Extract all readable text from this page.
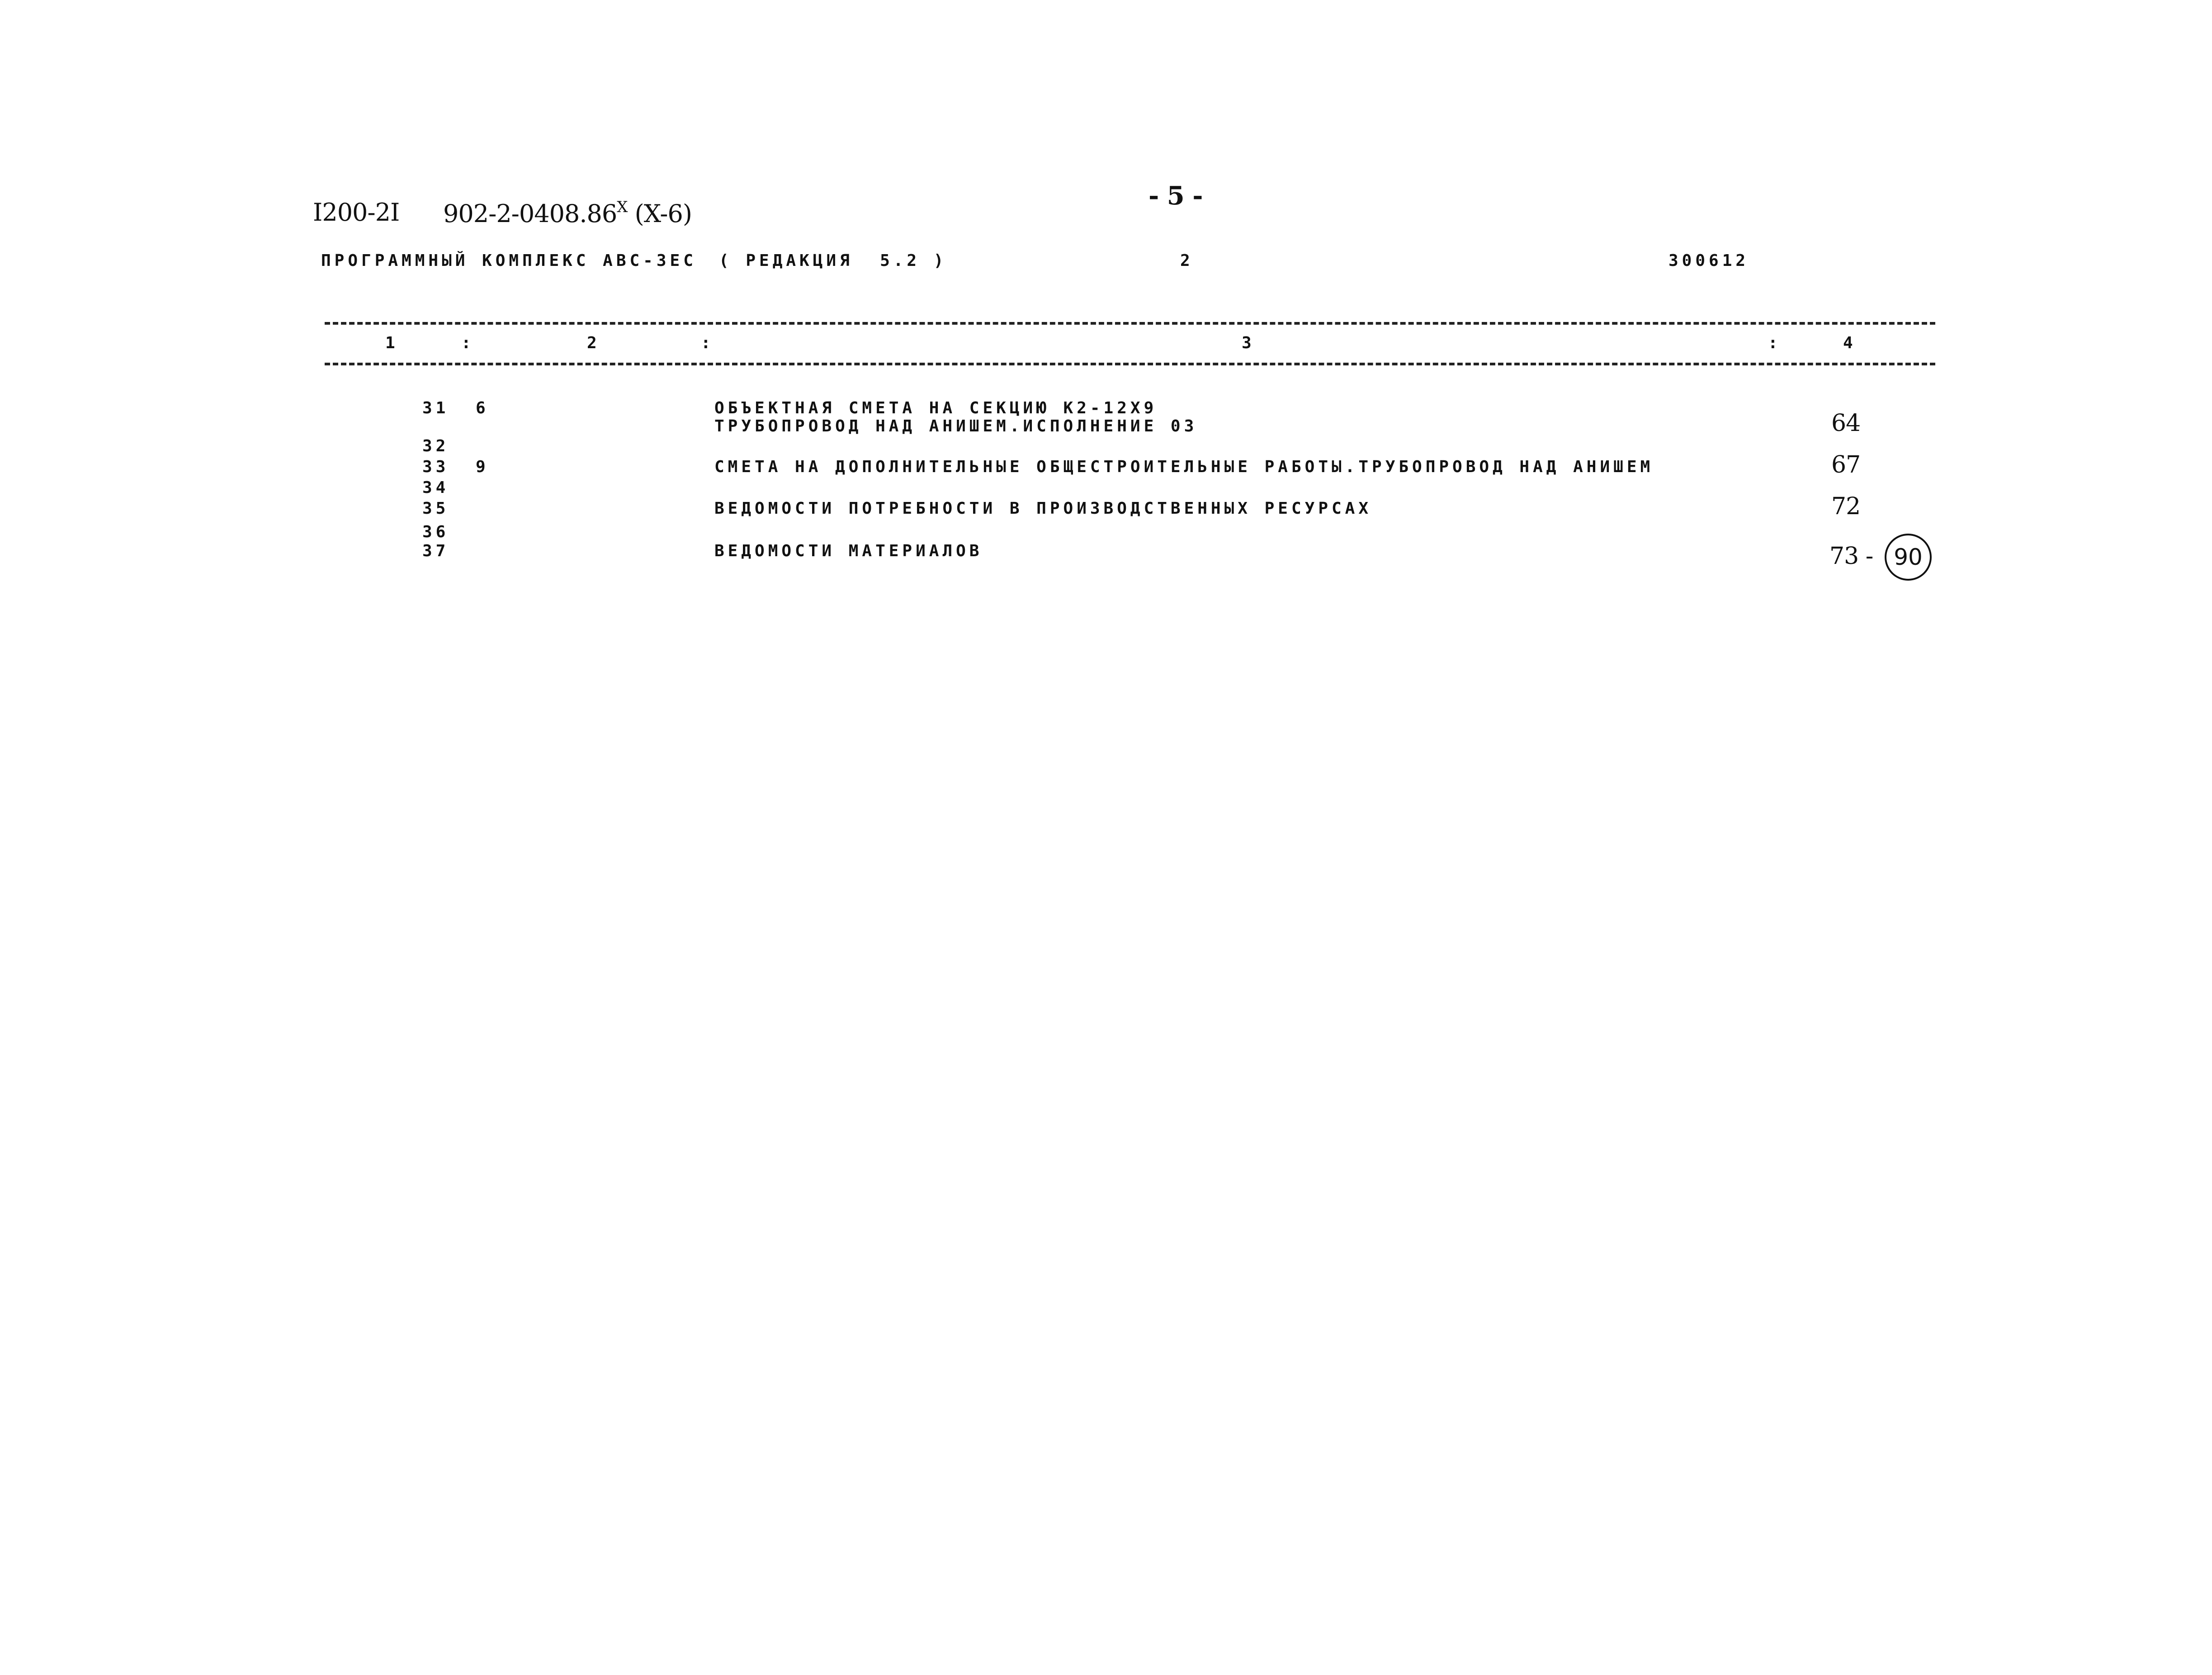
I200-2I $902-2-0408.86^X$ (X-6)
- 5 -
ПРОГРАММНЫЙ КОМПЛЕКС АВС-3ЕС ( РЕДАКЦИЯ  5.2 )	2	300612
1	:	2	:	3	:	4
31 6	ОБЪЕКТНАЯ СМЕТА НА СЕКЦИЮ К2-12Х9
ТРУБОПРОВОД НАД АНИШЕМ.ИСПОЛНЕНИЕ 03	64
32
33 9	СМЕТА НА ДОПОЛНИТЕЛЬНЫЕ ОБЩЕСТРОИТЕЛЬНЫЕ РАБОТЫ.ТРУБОПРОВОД НАД АНИШЕМ	67
34
35	ВЕДОМОСТИ ПОТРЕБНОСТИ В ПРОИЗВОДСТВЕННЫХ РЕСУРСАХ	72
36
37	ВЕДОМОСТИ МАТЕРИАЛОВ	73 - 90
